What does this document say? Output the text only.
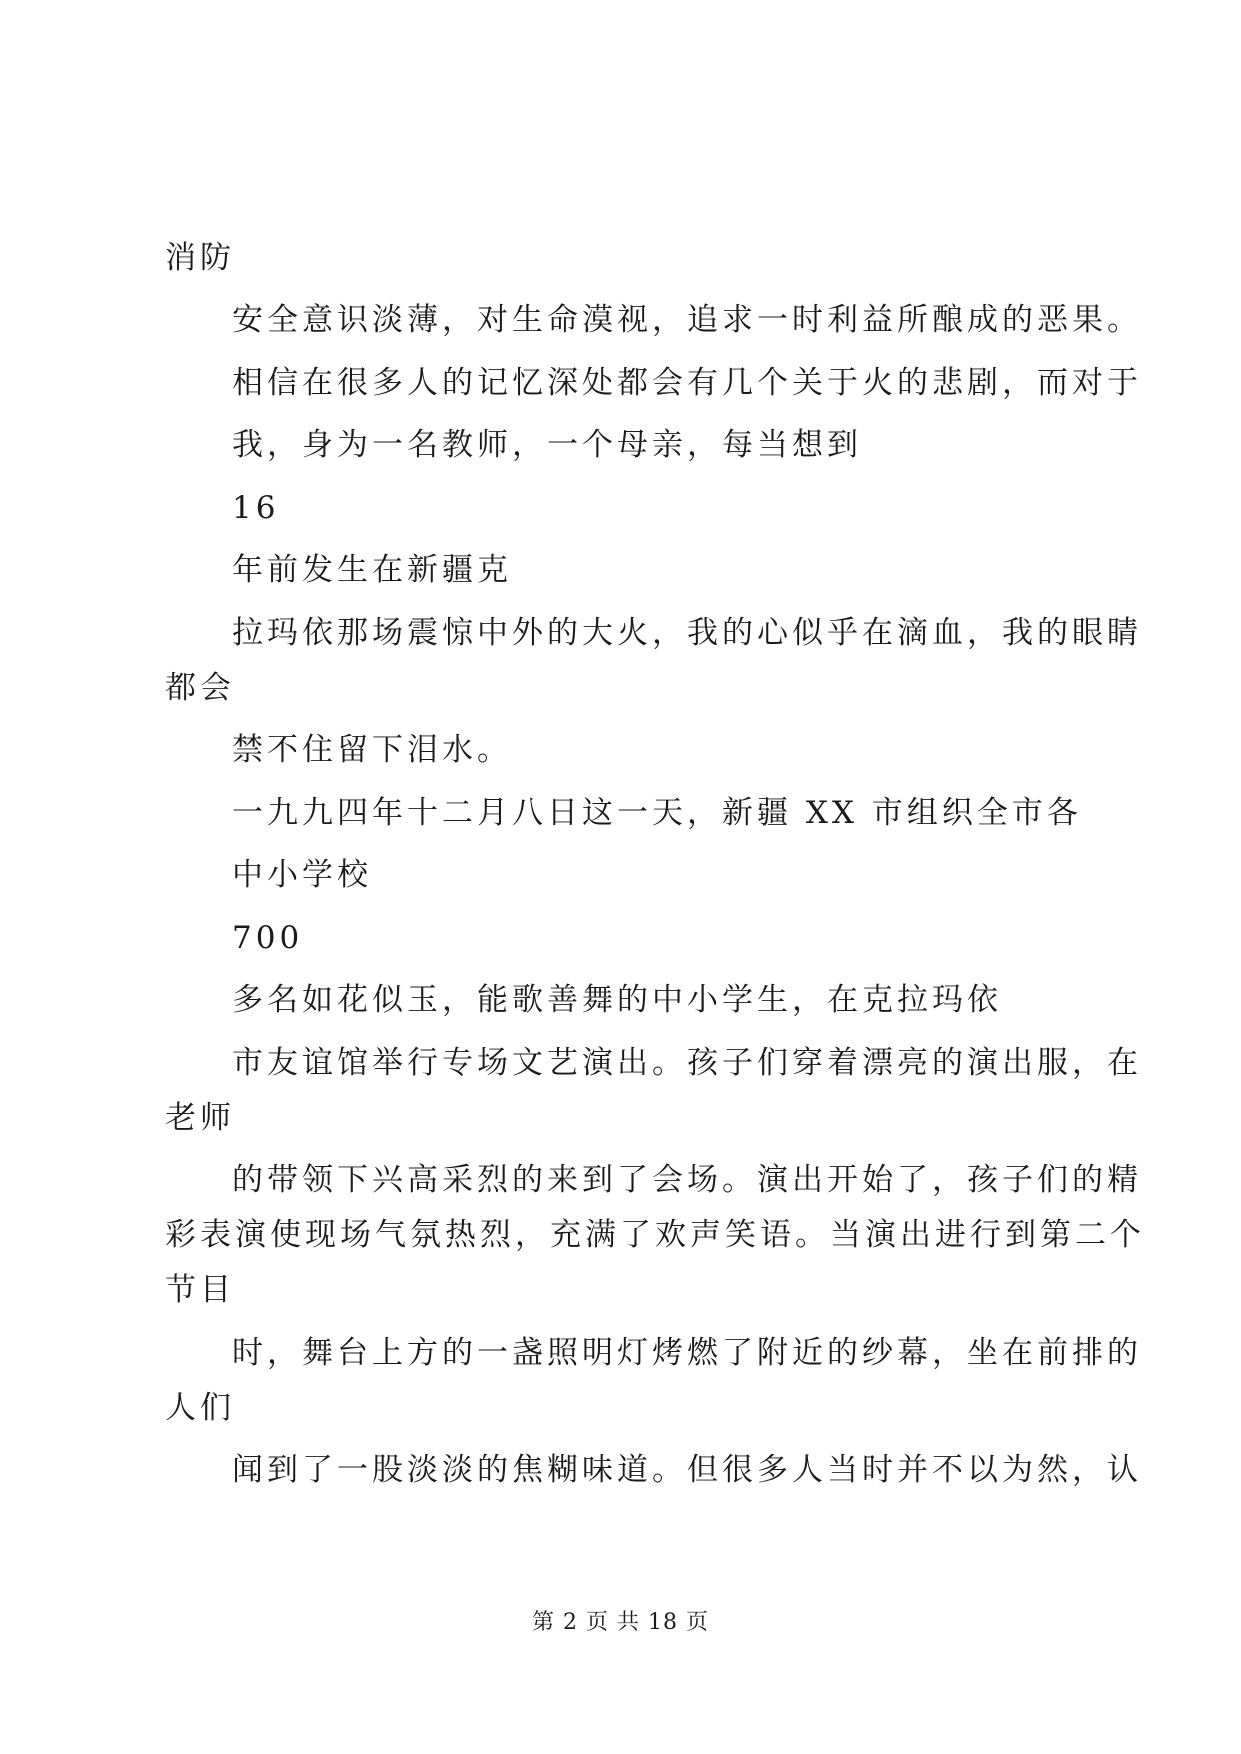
消防
安全意识淡薄，对生命漠视，追求一时利益所酿成的恶果。
相信在很多人的记忆深处都会有几个关于火的悲剧，而对于
我，身为一名教师，一个母亲，每当想到
16
年前发生在新疆克
拉玛依那场震惊中外的大火，我的心似乎在滴血，我的眼睛
都会
禁不住留下泪水。
一九九四年十二月八日这一天，新疆 XX 市组织全市各
中小学校
700
多名如花似玉，能歌善舞的中小学生，在克拉玛依
市友谊馆举行专场文艺演出。孩子们穿着漂亮的演出服，在
老师
的带领下兴高采烈的来到了会场。演出开始了，孩子们的精
彩表演使现场气氛热烈，充满了欢声笑语。当演出进行到第二个
节目
时，舞台上方的一盏照明灯烤燃了附近的纱幕，坐在前排的
人们
闻到了一股淡淡的焦糊味道。但很多人当时并不以为然，认
第 2 页 共 18 页
